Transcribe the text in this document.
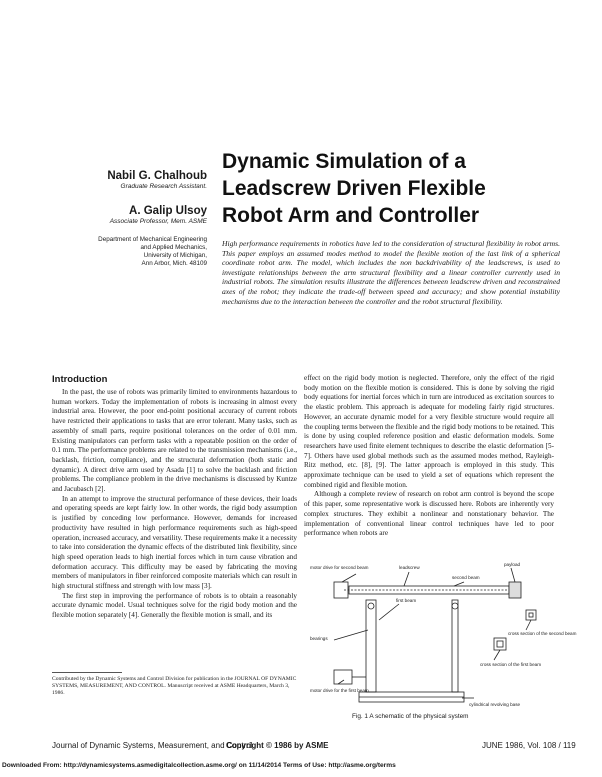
Nabil G. Chalhoub

Graduate Research Assistant.

A. Galip Ulsoy

Associate Professor, Mem. ASME

Department of Mechanical Engineering
and Applied Mechanics,
University of Michigan,
Ann Arbor, Mich. 48109
Dynamic Simulation of a Leadscrew Driven Flexible Robot Arm and Controller
High performance requirements in robotics have led to the consideration of structural flexibility in robot arms. This paper employs an assumed modes method to model the flexible motion of the last link of a spherical coordinate robot arm. The model, which includes the non backdrivability of the leadscrews, is used to investigate relationships between the arm structural flexibility and a linear controller currently used in industrial robots. The simulation results illustrate the differences between leadscrew driven and reconstrained axes of the robot; they indicate the trade-off between speed and accuracy; and show potential instability mechanisms due to the interaction between the controller and the robot structural flexibility.
Introduction

In the past, the use of robots was primarily limited to environments hazardous to human workers. Today the implementation of robots is increasing in almost every industrial area. However, the poor end-point positional accuracy of current robots have restricted their applications to tasks that are error tolerant. Many tasks, such as assembly of small parts, require positional tolerances on the order of 0.01 mm. Existing manipulators can perform tasks with a repeatable position on the order of 0.1 mm. The performance problems are related to the transmission mechanisms (i.e., backlash, friction, compliance), and the structural deformation (both static and dynamic). A direct drive arm used by Asada [1] to solve the backlash and friction problems. The compliance problem in the drive mechanisms is discussed by Kuntze and Jacubasch [2].

In an attempt to improve the structural performance of these devices, their loads and operating speeds are kept fairly low. In other words, the rigid body assumption is justified by conceding low performance. However, demands for increased productivity have resulted in high performance requirements such as high-speed operation, increased accuracy, and versatility. These requirements make it a necessity to take into consideration the dynamic effects of the distributed link flexibility, since high speed operation leads to high inertial forces which in turn cause vibration and deformation accuracy. This difficulty may be eased by fabricating the moving members of manipulators in fiber reinforced composite materials which can result in high structural stiffness and strength with low mass [3].

The first step in improving the performance of robots is to obtain a reasonably accurate dynamic model. Usual techniques solve for the rigid body motion and the flexible motion separately [4]. Generally the flexible motion is small, and its

Contributed by the Dynamic Systems and Control Division for publication in the JOURNAL OF DYNAMIC SYSTEMS, MEASUREMENT, AND CONTROL. Manuscript received at ASME Headquarters, March 3, 1986.

effect on the rigid body motion is neglected. Therefore, only the effect of the rigid body motion on the flexible motion is considered. This is done by solving the rigid body equations for inertial forces which in turn are introduced as excitation sources to the elastic problem. This approach is adequate for modeling fairly rigid structures. However, an accurate dynamic model for a very flexible structure would require all the coupling terms between the flexible and the rigid body motions to be retained. This is done by using coupled reference position and elastic deformation models. Some researchers have used finite element techniques to describe the elastic deformation [5-7]. Others have used global methods such as the assumed modes method, Rayleigh-Ritz method, etc. [8], [9]. The latter approach is employed in this study. This approximate technique can be used to yield a set of equations which represent the combined rigid and flexible motion.

Although a complete review of research on robot arm control is beyond the scope of this paper, some representative work is discussed here. Robots are inherently very complex structures. They exhibit a nonlinear and nonstationary behavior. The implementation of conventional linear control techniques have led to poor performance when robots are

motor drive for second beam	leadscrew
payload
second beam
first beam
bearings
cross section of the second beam
motor drive for the first beam
cross section of the first beam
cylindrical revolving base
Fig. 1 A schematic of the physical system
Journal of Dynamic Systems, Measurement, and Control
Copyright © 1986 by ASME	JUNE 1986, Vol. 108 / 119
Downloaded From: http://dynamicsystems.asmedigitalcollection.asme.org/ on 11/14/2014 Terms of Use: http://asme.org/terms
